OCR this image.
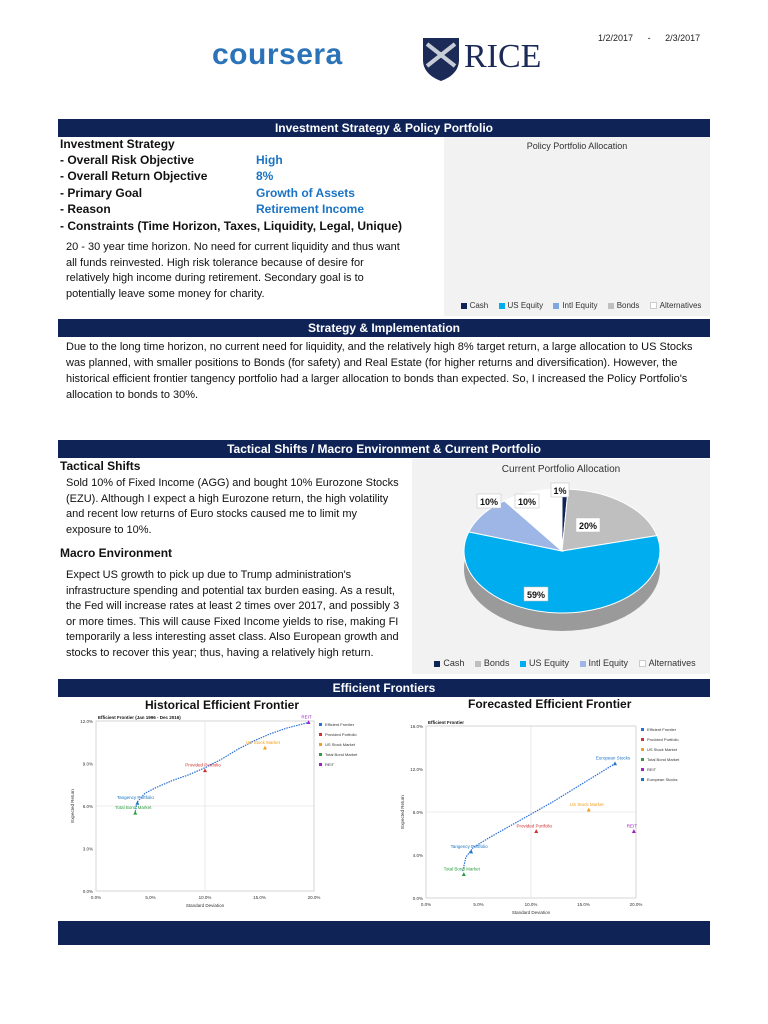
coursera	RICE	1/2/2017 - 2/3/2017
Investment Strategy & Policy Portfolio
Investment Strategy
- Overall Risk Objective	High
- Overall Return Objective	8%
- Primary Goal	Growth of Assets
- Reason	Retirement Income
- Constraints (Time Horizon, Taxes, Liquidity, Legal, Unique)
20 - 30 year time horizon. No need for current liquidity and thus want all funds reinvested. High risk tolerance because of desire for relatively high income during retirement. Secondary goal is to potentially leave some money for charity.
Policy Portfolio Allocation
Cash US Equity Intl Equity Bonds	Alternatives
Strategy & Implementation
Due to the long time horizon, no current need for liquidity, and the relatively high 8% target return, a large allocation to US Stocks was planned, with smaller positions to Bonds (for safety) and Real Estate (for higher returns and diversification). However, the historical efficient frontier tangency portfolio had a larger allocation to bonds than expected. So, I increased the Policy Portfolio's allocation to bonds to 30%.
Tactical Shifts / Macro Environment & Current Portfolio
Tactical Shifts
Sold 10% of Fixed Income (AGG) and bought 10% Eurozone Stocks (EZU). Although I expect a high Eurozone return, the high volatility and recent low returns of Euro stocks caused me to limit my exposure to 10%.
Macro Environment
Expect US growth to pick up due to Trump administration's infrastructure spending and potential tax burden easing. As a result, the Fed will increase rates at least 2 times over 2017, and possibly 3 or more times. This will cause Fixed Income yields to rise, making FI temporarily a less interesting asset class. Also European growth and stocks to recover this year; thus, having a relatively high return.
Current Portfolio Allocation
1%
20%
59%
10% 10%
Cash Bonds US Equity Intl Equity Alternatives
Efficient Frontiers
Historical Efficient Frontier	Forecasted Efficient Frontier
0.0%	5.0%	10.0%	15.0%	20.0%
0.0%
3.0%
6.0%
9.0%
12.0%
Standard Deviation
Expected Return
Efficient Frontier (Jan 1996 - Dec 2016)
Tangency Portfolio
Total Bond Market
Provided Portfolio
US Stock Market
REIT
Efficient Frontier
Provided Portfolio
US Stock Market
Total Bond Market
REIT
0.0%	5.0%	10.0%	15.0%	20.0%
0.0%
4.0%
8.0%
12.0%
16.0%
Standard Deviation
Expected Return
Efficient Frontier
Tangency Portfolio
Total Bond Market
Provided Portfolio
US Stock Market
REIT
European Stocks
Efficient Frontier
Provided Portfolio
US Stock Market
Total Bond Market
REIT
European Stocks
